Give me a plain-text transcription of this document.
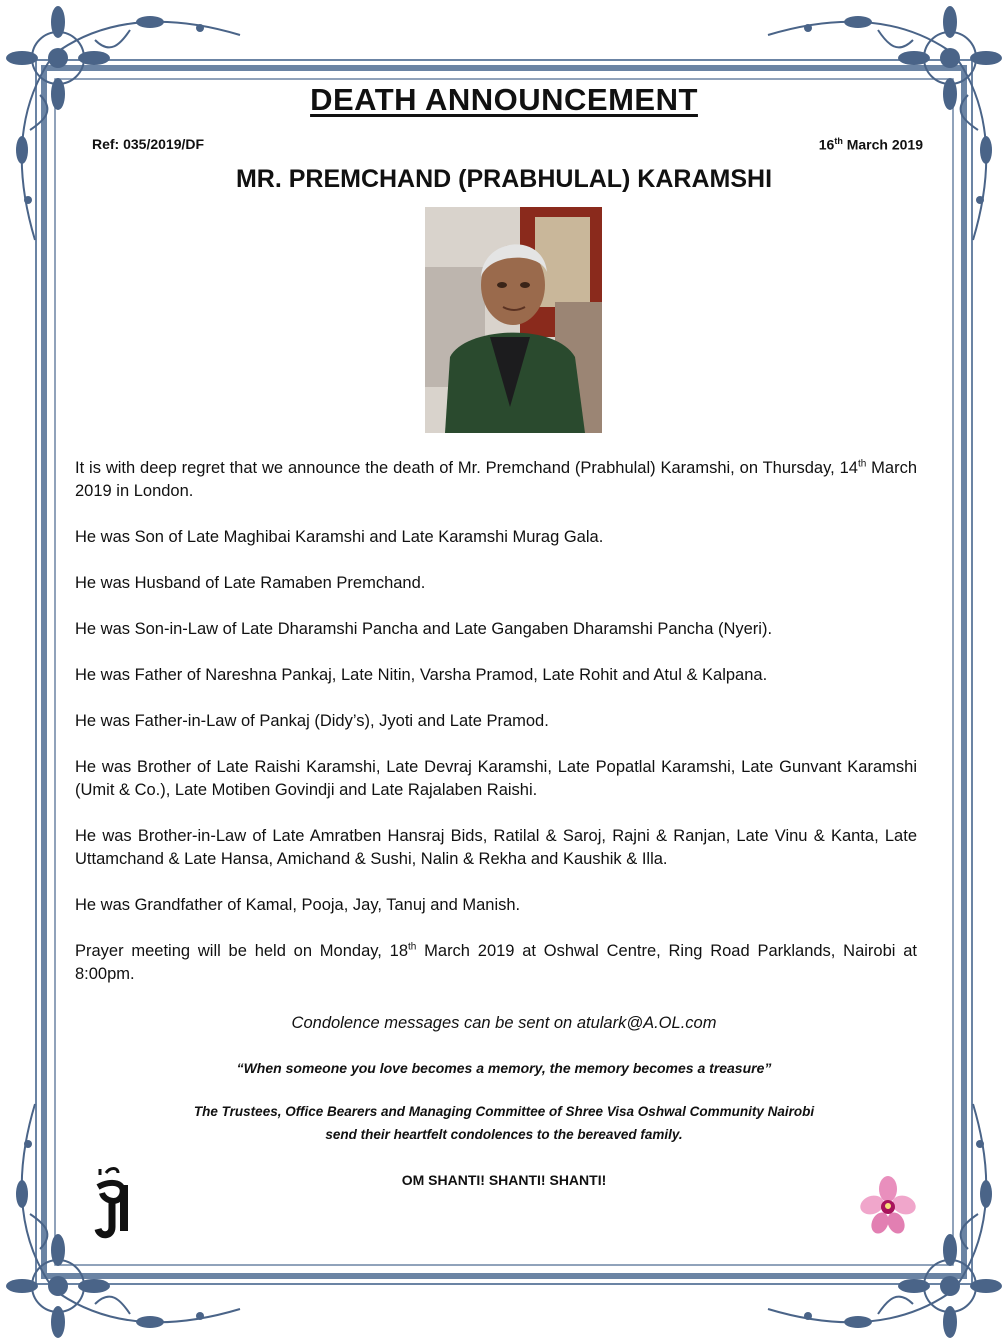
DEATH ANNOUNCEMENT
Ref: 035/2019/DF	16th March 2019
MR. PREMCHAND (PRABHULAL) KARAMSHI

It is with deep regret that we announce the death of Mr. Premchand (Prabhulal) Karamshi, on Thursday, 14th March 2019 in London.

He was Son of Late Maghibai Karamshi and Late Karamshi Murag Gala.

He was Husband of Late Ramaben Premchand.

He was Son-in-Law of Late Dharamshi Pancha and Late Gangaben Dharamshi Pancha (Nyeri).

He was Father of Nareshna Pankaj, Late Nitin, Varsha Pramod, Late Rohit and Atul & Kalpana.

He was Father-in-Law of Pankaj (Didy’s), Jyoti and Late Pramod.

He was Brother of Late Raishi Karamshi, Late Devraj Karamshi, Late Popatlal Karamshi, Late Gunvant Karamshi (Umit & Co.), Late Motiben Govindji and Late Rajalaben Raishi.

He was Brother-in-Law of Late Amratben Hansraj Bids, Ratilal & Saroj, Rajni & Ranjan, Late Vinu & Kanta, Late Uttamchand & Late Hansa, Amichand & Sushi, Nalin & Rekha and Kaushik & Illa.

He was Grandfather of Kamal, Pooja, Jay, Tanuj and Manish.

Prayer meeting will be held on Monday, 18th March 2019 at Oshwal Centre, Ring Road Parklands, Nairobi at 8:00pm.

Condolence messages can be sent on atulark@A.OL.com
“When someone you love becomes a memory, the memory becomes a treasure”
The Trustees, Office Bearers and Managing Committee of Shree Visa Oshwal Community Nairobi
send their heartfelt condolences to the bereaved family.
OM SHANTI! SHANTI! SHANTI!
